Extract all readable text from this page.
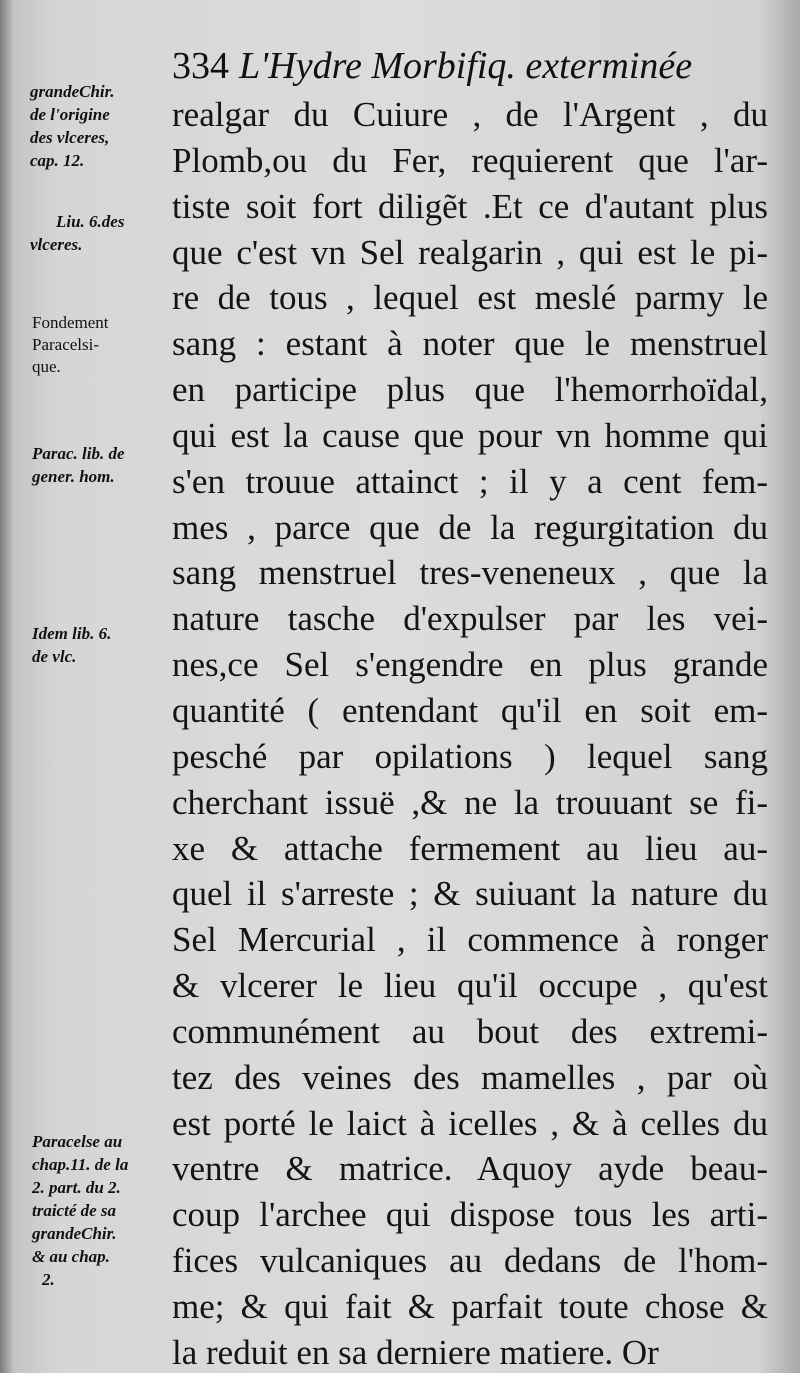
334 L'Hydre Morbifiq. exterminée
grandeChir.
de l'origine
des vlceres,
cap. 12.
Liu. 6.des
vlceres.
Fondement
Paracelsi-
que.
Parac. lib. de
gener. hom.
Idem lib. 6.
de vlc.
Paracelse au
chap.11. de la
2. part. du 2.
traicté de sa
grandeChir.
& au chap.
2.
realgar du Cuiure , de l'Argent , du
Plomb,ou du Fer, requierent que l'ar-
tiste soit fort diligẽt .Et ce d'autant plus
que c'est vn Sel realgarin , qui est le pi-
re de tous , lequel est meslé parmy le
sang : estant à noter que le menstruel
en participe plus que l'hemorrhoïdal,
qui est la cause que pour vn homme qui
s'en trouue attainct ; il y a cent fem-
mes , parce que de la regurgitation du
sang menstruel tres-veneneux , que la
nature tasche d'expulser par les vei-
nes,ce Sel s'engendre en plus grande
quantité ( entendant qu'il en soit em-
pesché par opilations ) lequel sang
cherchant issuë ,& ne la trouuant se fi-
xe & attache fermement au lieu au-
quel il s'arreste ; & suiuant la nature du
Sel Mercurial , il commence à ronger
& vlcerer le lieu qu'il occupe , qu'est
communément au bout des extremi-
tez des veines des mamelles , par où
est porté le laict à icelles , & à celles du
ventre & matrice. Aquoy ayde beau-
coup l'archee qui dispose tous les arti-
fices vulcaniques au dedans de l'hom-
me; & qui fait & parfait toute chose &
la reduit en sa derniere matiere. Or
